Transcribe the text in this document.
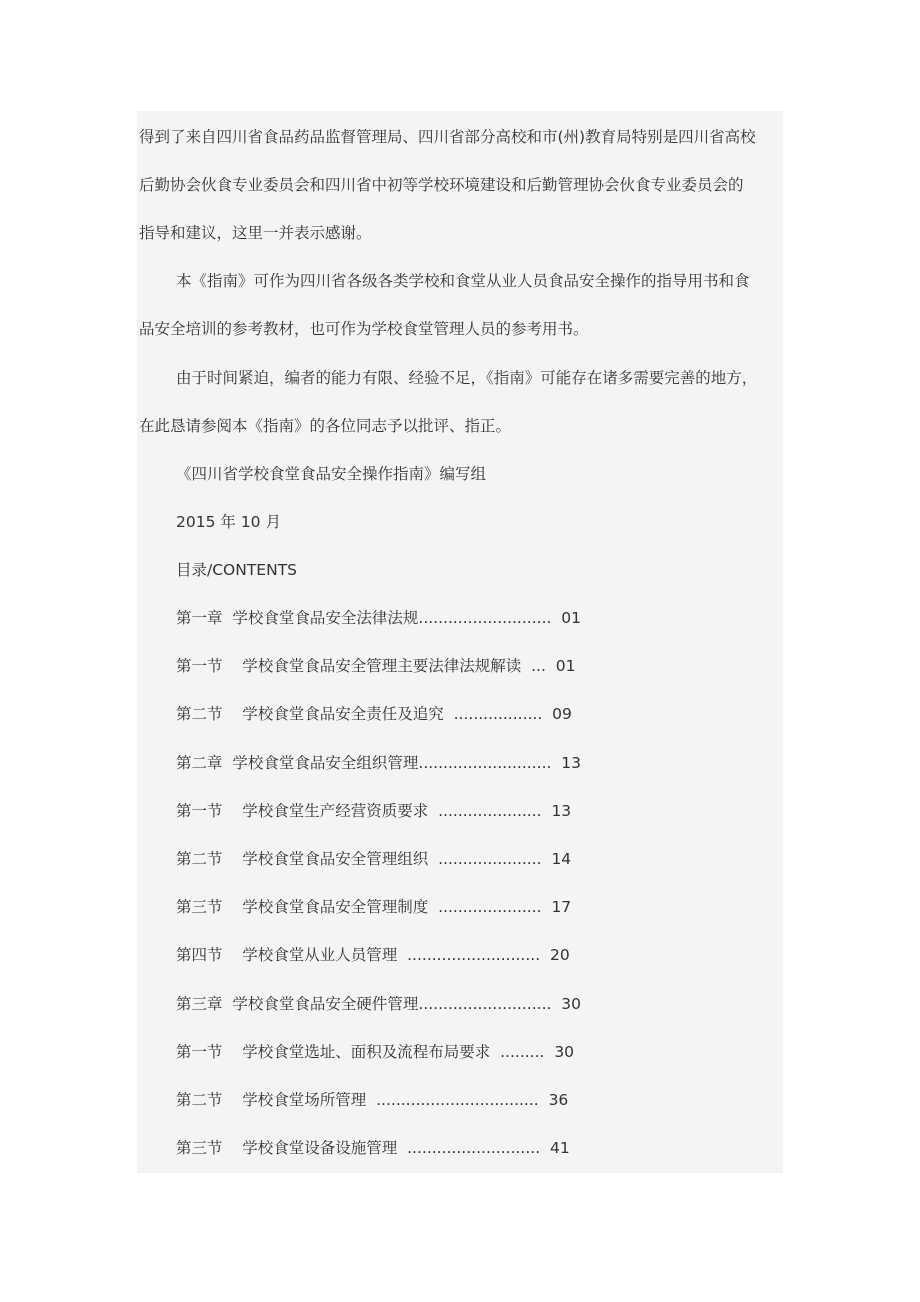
得到了来自四川省食品药品监督管理局、四川省部分高校和市(州)教育局特别是四川省高校
后勤协会伙食专业委员会和四川省中初等学校环境建设和后勤管理协会伙食专业委员会的
指导和建议，这里一并表示感谢。
本《指南》可作为四川省各级各类学校和食堂从业人员食品安全操作的指导用书和食
品安全培训的参考教材，也可作为学校食堂管理人员的参考用书。
由于时间紧迫，编者的能力有限、经验不足，《指南》可能存在诸多需要完善的地方，
在此恳请参阅本《指南》的各位同志予以批评、指正。
《四川省学校食堂食品安全操作指南》编写组
2015 年 10 月
目录/CONTENTS
第一章 学校食堂食品安全法律法规........................... 01
第一节 学校食堂食品安全管理主要法律法规解读 ... 01
第二节 学校食堂食品安全责任及追究 .................. 09
第二章 学校食堂食品安全组织管理........................... 13
第一节 学校食堂生产经营资质要求 ..................... 13
第二节 学校食堂食品安全管理组织 ..................... 14
第三节 学校食堂食品安全管理制度 ..................... 17
第四节 学校食堂从业人员管理 ........................... 20
第三章 学校食堂食品安全硬件管理........................... 30
第一节 学校食堂选址、面积及流程布局要求 ......... 30
第二节 学校食堂场所管理 ................................. 36
第三节 学校食堂设备设施管理 ........................... 41
